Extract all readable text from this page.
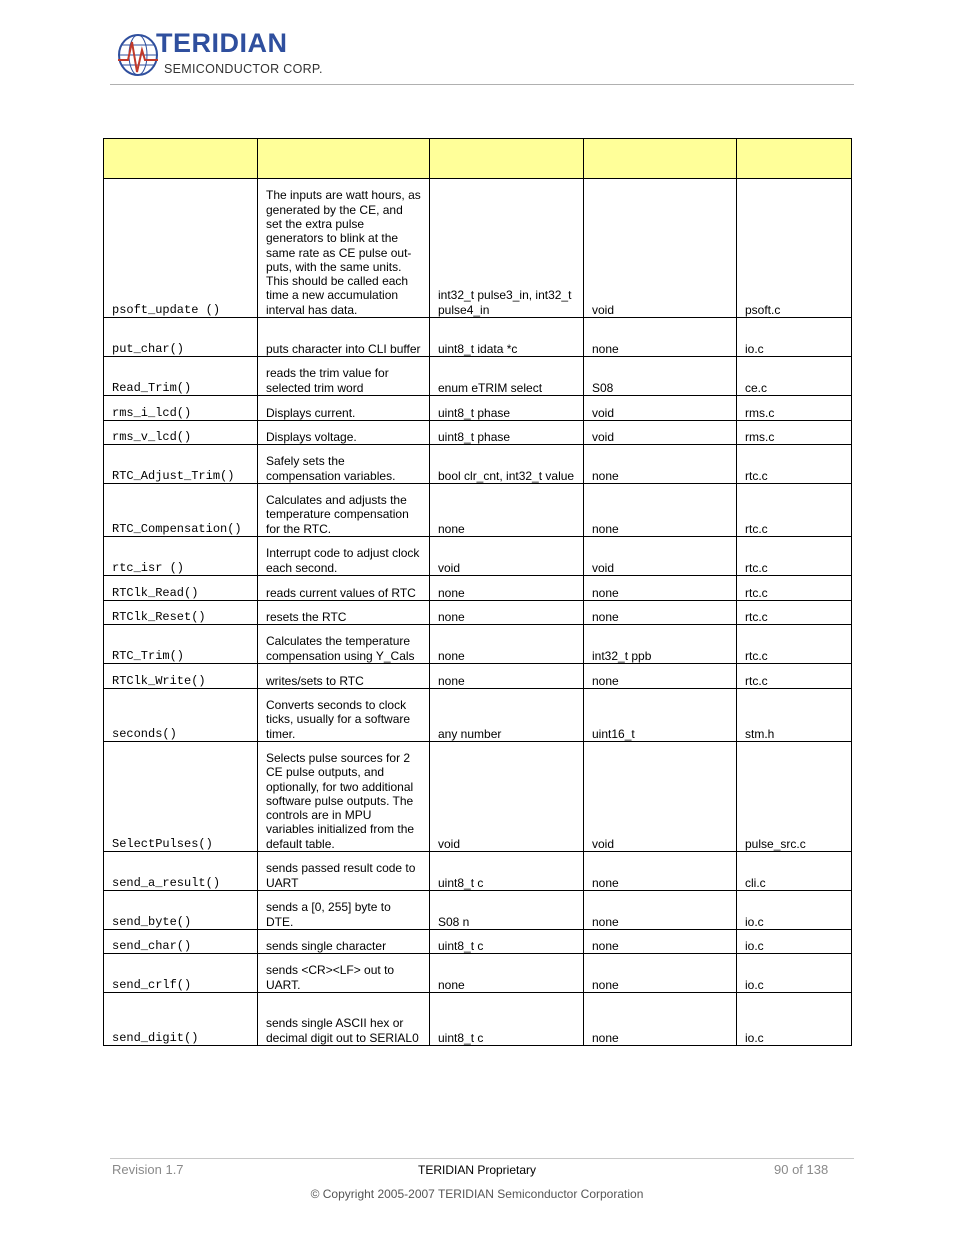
TERIDIAN
SEMICONDUCTOR CORP.

psoft_update ()	The inputs are watt hours, as generated by the CE, and set the extra pulse generators to blink at the same rate as CE pulse out-puts, with the same units. This should be called each time a new accumulation interval has data.	int32_t pulse3_in, int32_t pulse4_in	void	psoft.c
put_char()	puts character into CLI buffer	uint8_t idata *c	none	io.c
Read_Trim()	reads the trim value for selected trim word	enum eTRIM select	S08	ce.c
rms_i_lcd()	Displays current.	uint8_t phase	void	rms.c
rms_v_lcd()	Displays voltage.	uint8_t phase	void	rms.c
RTC_Adjust_Trim()	Safely sets the compensation variables.	bool clr_cnt, int32_t value	none	rtc.c
RTC_Compensation()	Calculates and adjusts the temperature compensation for the RTC.	none	none	rtc.c
rtc_isr ()	Interrupt code to adjust clock each second.	void	void	rtc.c
RTClk_Read()	reads current values of RTC	none	none	rtc.c
RTClk_Reset()	resets the RTC	none	none	rtc.c
RTC_Trim()	Calculates the temperature compensation using Y_Cals	none	int32_t ppb	rtc.c
RTClk_Write()	writes/sets to RTC	none	none	rtc.c
seconds()	Converts seconds to clock ticks, usually for a software timer.	any number	uint16_t	stm.h
SelectPulses()	Selects pulse sources for 2 CE pulse outputs, and optionally, for two additional software pulse outputs. The controls are in MPU variables initialized from the default table.	void	void	pulse_src.c
send_a_result()	sends passed result code to UART	uint8_t c	none	cli.c
send_byte()	sends a [0, 255] byte to DTE.	S08 n	none	io.c
send_char()	sends single character	uint8_t c	none	io.c
send_crlf()	sends <CR><LF> out to UART.	none	none	io.c
send_digit()	sends single ASCII hex or decimal digit out to SERIAL0	uint8_t c	none	io.c
Revision 1.7	TERIDIAN Proprietary	90 of 138
© Copyright 2005-2007 TERIDIAN Semiconductor Corporation
